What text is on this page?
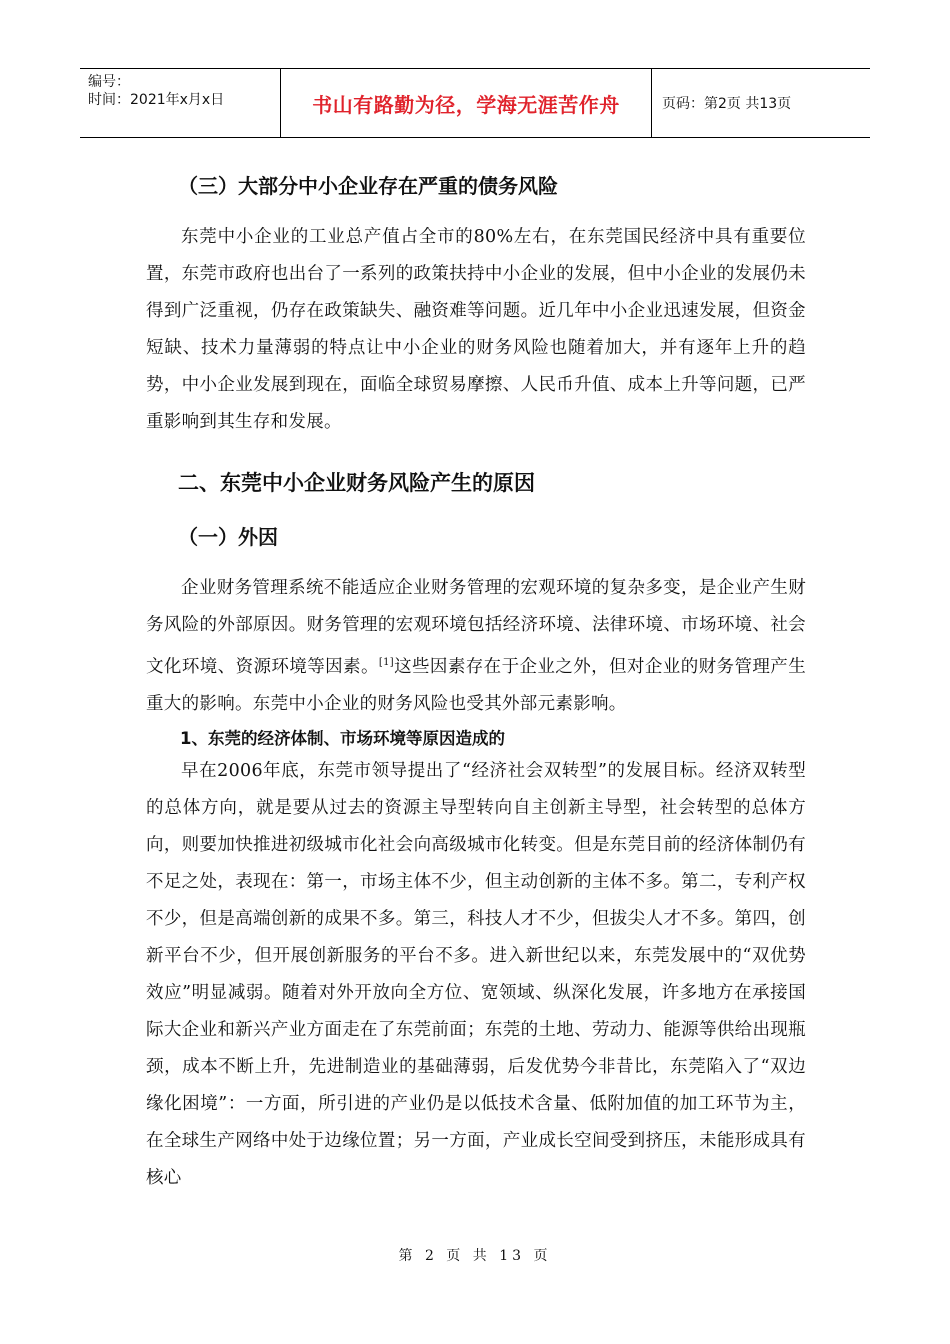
编号：
时间：2021年x月x日	书山有路勤为径，学海无涯苦作舟	页码：第2页 共13页
（三）大部分中小企业存在严重的债务风险

东莞中小企业的工业总产值占全市的80%左右，在东莞国民经济中具有重要位置，东莞市政府也出台了一系列的政策扶持中小企业的发展，但中小企业的发展仍未得到广泛重视，仍存在政策缺失、融资难等问题。近几年中小企业迅速发展，但资金短缺、技术力量薄弱的特点让中小企业的财务风险也随着加大，并有逐年上升的趋势，中小企业发展到现在，面临全球贸易摩擦、人民币升值、成本上升等问题，已严重影响到其生存和发展。

二、东莞中小企业财务风险产生的原因
（一）外因

企业财务管理系统不能适应企业财务管理的宏观环境的复杂多变，是企业产生财务风险的外部原因。财务管理的宏观环境包括经济环境、法律环境、市场环境、社会文化环境、资源环境等因素。[1]这些因素存在于企业之外，但对企业的财务管理产生重大的影响。东莞中小企业的财务风险也受其外部元素影响。

1、东莞的经济体制、市场环境等原因造成的

早在2006年底，东莞市领导提出了“经济社会双转型”的发展目标。经济双转型的总体方向，就是要从过去的资源主导型转向自主创新主导型，社会转型的总体方向，则要加快推进初级城市化社会向高级城市化转变。但是东莞目前的经济体制仍有不足之处，表现在：第一，市场主体不少，但主动创新的主体不多。第二，专利产权不少，但是高端创新的成果不多。第三，科技人才不少，但拔尖人才不多。第四，创新平台不少，但开展创新服务的平台不多。进入新世纪以来，东莞发展中的“双优势效应”明显减弱。随着对外开放向全方位、宽领域、纵深化发展，许多地方在承接国际大企业和新兴产业方面走在了东莞前面；东莞的土地、劳动力、能源等供给出现瓶颈，成本不断上升，先进制造业的基础薄弱，后发优势今非昔比，东莞陷入了“双边缘化困境”：一方面，所引进的产业仍是以低技术含量、低附加值的加工环节为主，在全球生产网络中处于边缘位置；另一方面，产业成长空间受到挤压，未能形成具有核心

第 2 页 共 13 页
